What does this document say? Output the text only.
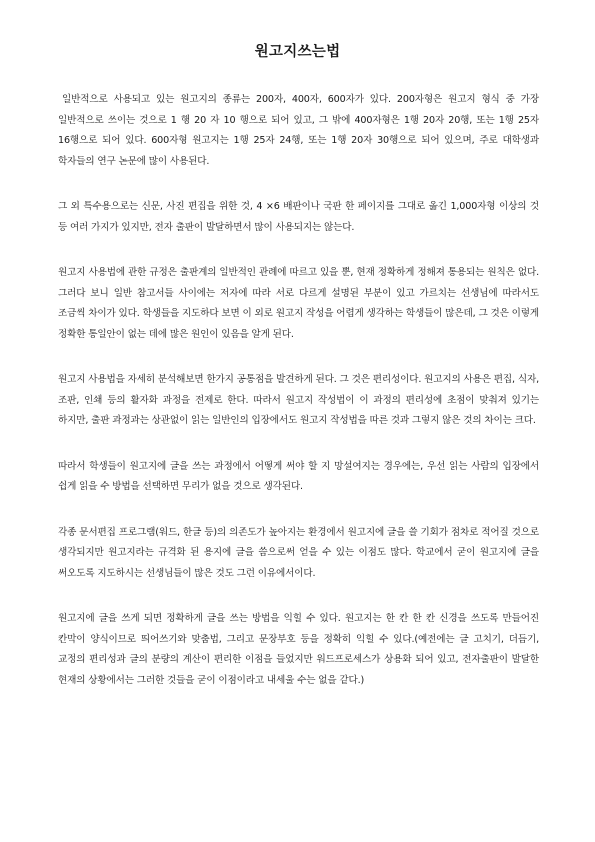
원고지쓰는법

일반적으로 사용되고 있는 원고지의 종류는 200자, 400자, 600자가 있다. 200자형은 원고지 형식 중 가장 일반적으로 쓰이는 것으로 1 행 20 자 10 행으로 되어 있고, 그 밖에 400자형은 1행 20자 20행, 또는 1행 25자 16행으로 되어 있다. 600자형 원고지는 1행 25자 24행, 또는 1행 20자 30행으로 되어 있으며, 주로 대학생과 학자들의 연구 논문에 많이 사용된다.

그 외 특수용으로는 신문, 사진 편집을 위한 것, 4 ×6 배판이나 국판 한 페이지를 그대로 옮긴 1,000자형 이상의 것 등 여러 가지가 있지만, 전자 출판이 발달하면서 많이 사용되지는 않는다.

원고지 사용법에 관한 규정은 출판계의 일반적인 관례에 따르고 있을 뿐, 현재 정확하게 정해져 통용되는 원칙은 없다. 그러다 보니 일반 참고서들 사이에는 저자에 따라 서로 다르게 설명된 부분이 있고 가르치는 선생님에 따라서도 조금씩 차이가 있다. 학생들을 지도하다 보면 이 외로 원고지 작성을 어렵게 생각하는 학생들이 많은데, 그 것은 이렇게 정확한 통일안이 없는 데에 많은 원인이 있음을 알게 된다.

원고지 사용법을 자세히 분석해보면 한가지 공통점을 발견하게 된다. 그 것은 편리성이다. 원고지의 사용은 편집, 식자, 조판, 인쇄 등의 활자화 과정을 전제로 한다. 따라서 원고지 작성법이 이 과정의 편리성에 초점이 맞춰져 있기는 하지만, 출판 과정과는 상관없이 읽는 일반인의 입장에서도 원고지 작성법을 따른 것과 그렇지 않은 것의 차이는 크다.

따라서 학생들이 원고지에 글을 쓰는 과정에서 어떻게 써야 할 지 망설여지는 경우에는, 우선 읽는 사람의 입장에서 쉽게 읽을 수 방법을 선택하면 무리가 없을 것으로 생각된다.

각종 문서편집 프로그램(워드, 한글 등)의 의존도가 높아지는 환경에서 원고지에 글을 쓸 기회가 점차로 적어질 것으로 생각되지만 원고지라는 규격화 된 용지에 글을 씀으로써 얻을 수 있는 이점도 많다. 학교에서 굳이 원고지에 글을 써오도록 지도하시는 선생님들이 많은 것도 그런 이유에서이다.

원고지에 글을 쓰게 되면 정확하게 글을 쓰는 방법을 익힐 수 있다. 원고지는 한 칸 한 칸 신경을 쓰도록 만들어진 칸막이 양식이므로 띄어쓰기와 맞춤법, 그리고 문장부호 등을 정확히 익힐 수 있다.(예전에는 글 고치기, 더듬기, 교정의 편리성과 글의 분량의 계산이 편리한 이점을 들었지만 워드프로세스가 상용화 되어 있고, 전자출판이 발달한 현재의 상황에서는 그러한 것들을 굳이 이점이라고 내세울 수는 없을 같다.)
